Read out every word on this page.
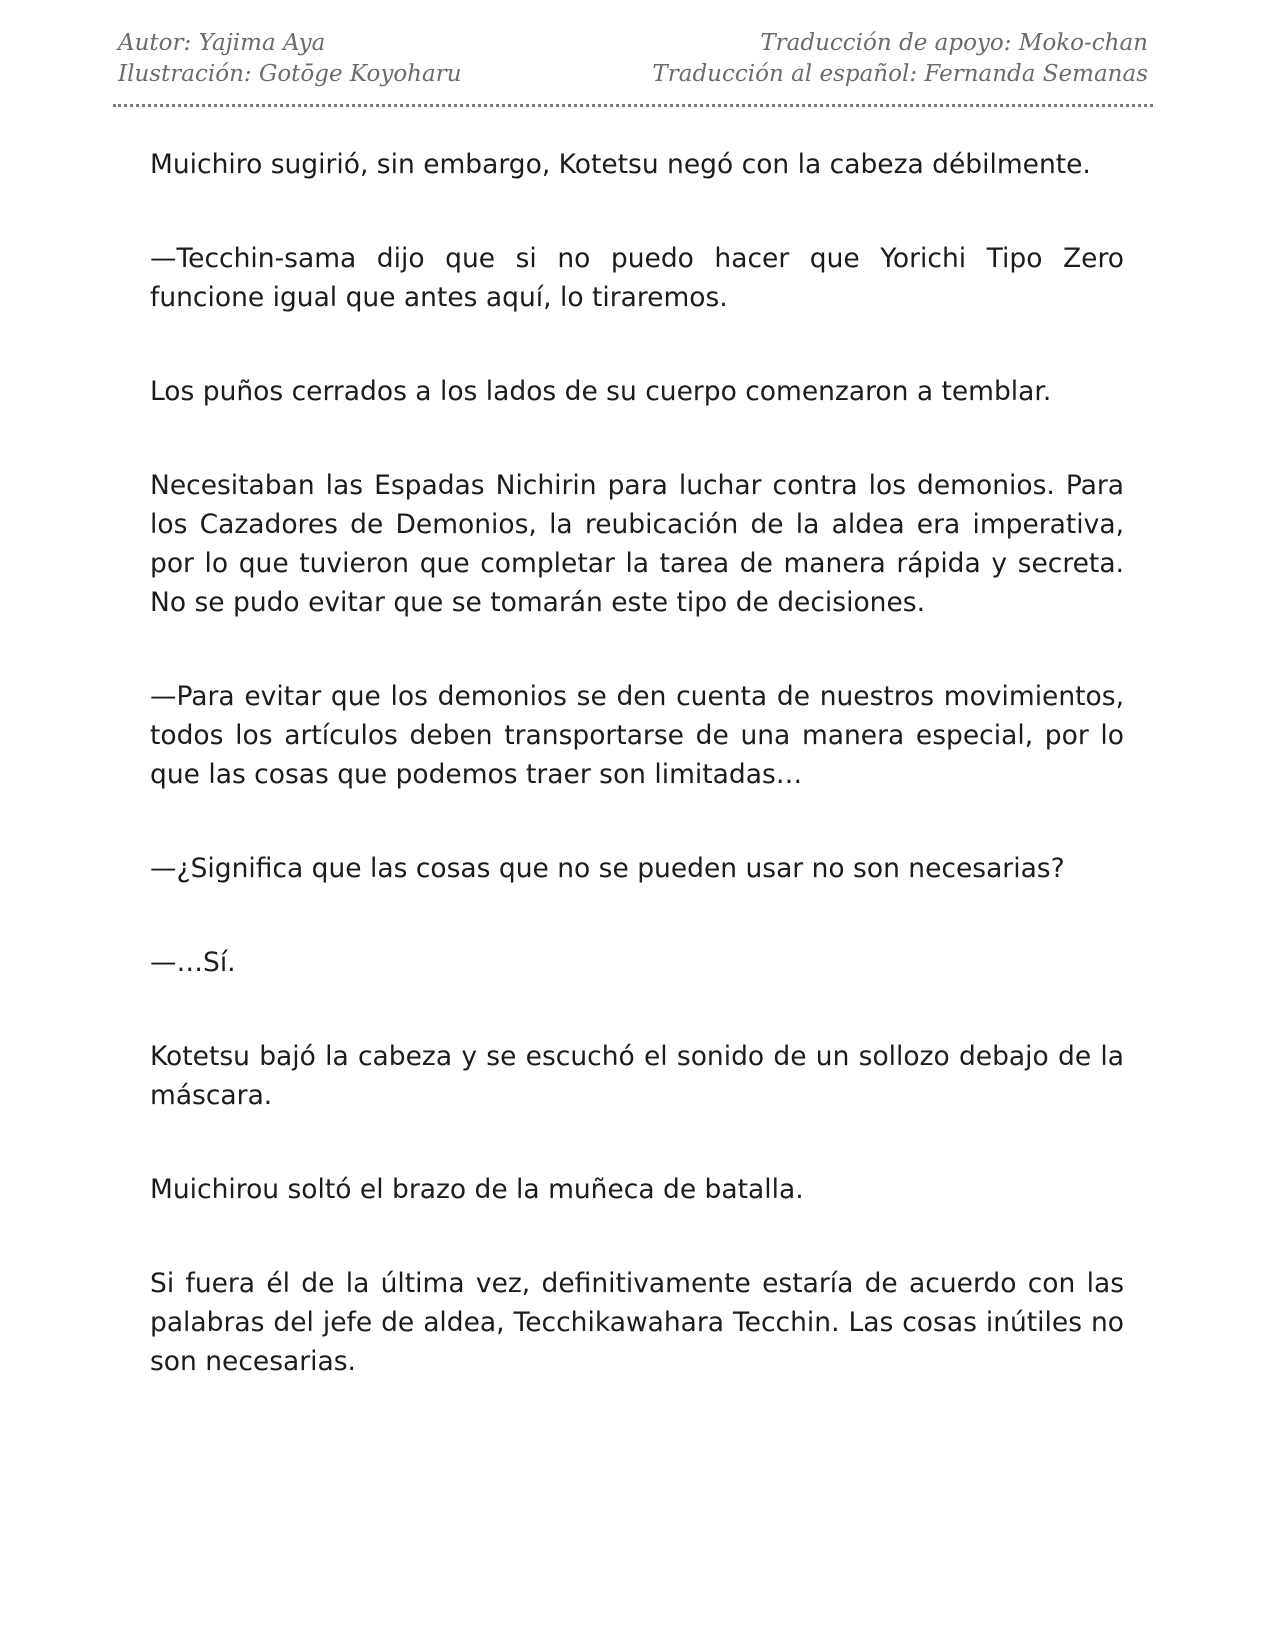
Autor: Yajima Aya
Ilustración: Gotōge Koyoharu
Traducción de apoyo: Moko-chan
Traducción al español: Fernanda Semanas

Muichiro sugirió, sin embargo, Kotetsu negó con la cabeza débilmente.

—Tecchin-sama dijo que si no puedo hacer que Yorichi Tipo Zero funcione igual que antes aquí, lo tiraremos.

Los puños cerrados a los lados de su cuerpo comenzaron a temblar.

Necesitaban las Espadas Nichirin para luchar contra los demonios. Para los Cazadores de Demonios, la reubicación de la aldea era imperativa, por lo que tuvieron que completar la tarea de manera rápida y secreta. No se pudo evitar que se tomarán este tipo de decisiones.

—Para evitar que los demonios se den cuenta de nuestros movimientos, todos los artículos deben transportarse de una manera especial, por lo que las cosas que podemos traer son limitadas…

—¿Significa que las cosas que no se pueden usar no son necesarias?

—…Sí.

Kotetsu bajó la cabeza y se escuchó el sonido de un sollozo debajo de la máscara.

Muichirou soltó el brazo de la muñeca de batalla.

Si fuera él de la última vez, definitivamente estaría de acuerdo con las palabras del jefe de aldea, Tecchikawahara Tecchin. Las cosas inútiles no son necesarias.
